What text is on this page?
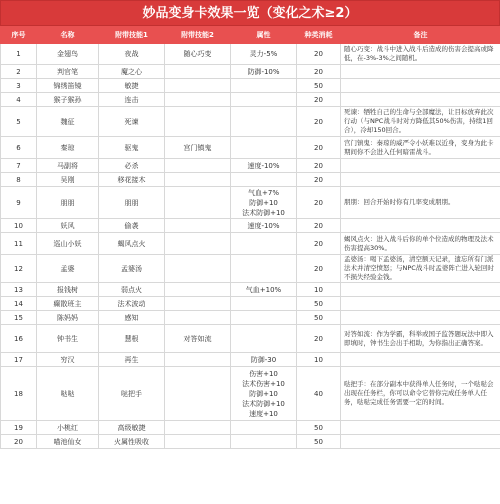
妙品变身卡效果一览（变化之术≥2）
序号	名称	附带技能1	附带技能2	属性	种类消耗	备注
1	金翅鸟	夜战	随心巧变	灵力-5%	20	随心巧变：战斗中进入战斗后造成的伤害会提高或降低，在-3%-3%之间随机。
2	判官笔	魔之心		防御-10%	20	
3	锦绣笛镜	敏捷			50	
4	猴子猴孙	连击			20	
5	魏征	死谏			20	死谏：牺牲自己的生命与全部魔法，让目标放弃此次行动（与NPC战斗时对方降低其50%伤害，持续1回合），冷却150回合。
6	秦琼	驱鬼	宫门镇鬼		20	宫门镇鬼：秦琼的威严令小妖难以近身，变身为此卡期间你不会进入任何暗雷战斗。
7	马副将	必杀		速度-10%	20	
8	吴刚	移花接木			20	
9	朋朋	朋朋		气血+7%
防御+10
法术防御+10	20	朋朋：回合开始时你有几率变成朋朋。
10	妖风	偷袭		速度-10%	20	
11	巡山小妖	蝎风点火			20	蝎风点火：进入战斗后你的单个位造成的物理及法术伤害提高30%。
12	孟婆	孟婆汤			20	孟婆汤：喝下孟婆汤，清空额天记录，遗忘所有门派法术并清空愤怒；与NPC战斗时孟婆阵亡进入轮回时不损失经验金钱。
13	报钱树	弱点火		气血+10%	10	
14	癫散班主	法术波动			50	
15	陈妈妈	感知			50	
16	钟书生	慧根	对答如流		20	对答如流：作为学霸，科举或国子监答题玩法中即入即填时，钟书生会出手相助，为你指出正确答案。
17	穷汉	再生		防御-30	10	
18	哒哒	哒把手		伤害+10
法术伤害+10
防御+10
法术防御+10
速度+10	40	哒把手：在部分副本中获得单人任务时，一个哒哒会出现在任务栏，你可以命令它替你完成任务单人任务，哒哒完成任务需要一定的时间。
19	小桃红	高级敏捷			50	
20	喵池仙女	火属性吸收			50	
